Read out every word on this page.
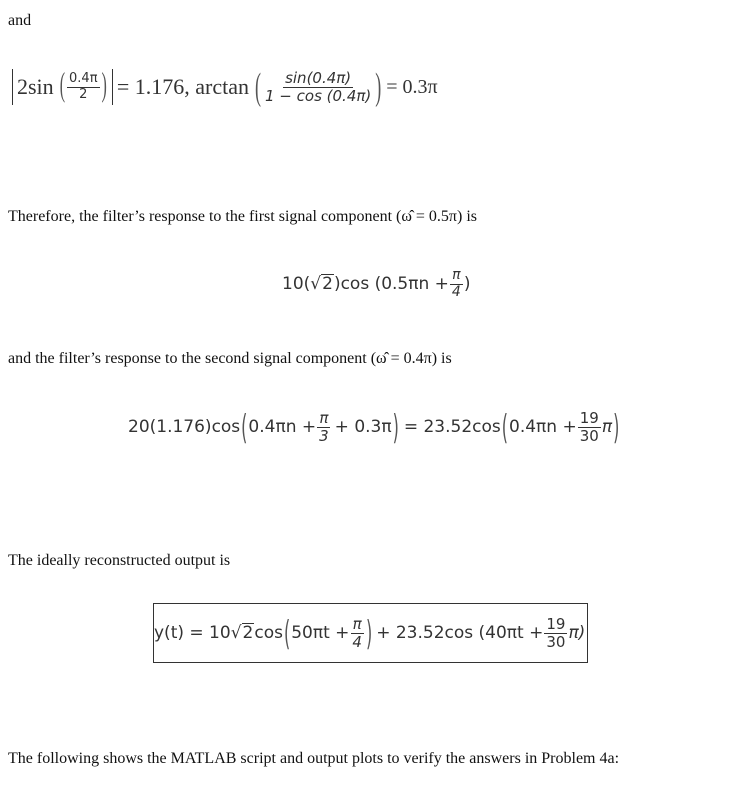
and
2sin ( $\frac{0.4\pi}{2}$ ) = 1.176, arctan ( $\frac{\sin(0.4\pi)}{1 - \cos (0.4\pi)}$ ) = 0.3π
Therefore, the filter’s response to the first signal component (ω̂ = 0.5π) is
10( √ 2 )cos ($0.5\pi n + \frac{\pi}{4}$ )
and the filter’s response to the second signal component (ω̂ = 0.4π) is
20(1.176)cos ( $0.4\pi n + \frac{\pi}{3} + 0.3\pi$ ) = 23.52cos ( $0.4\pi n + \frac{19}{30}$ π )
The ideally reconstructed output is
y(t) = 10 √ 2 cos ( $50\pi t + \frac{\pi}{4}$ ) + 23.52cos $(40\pi t + \frac{19}{30} \pi)$
The following shows the MATLAB script and output plots to verify the answers in Problem 4a:
